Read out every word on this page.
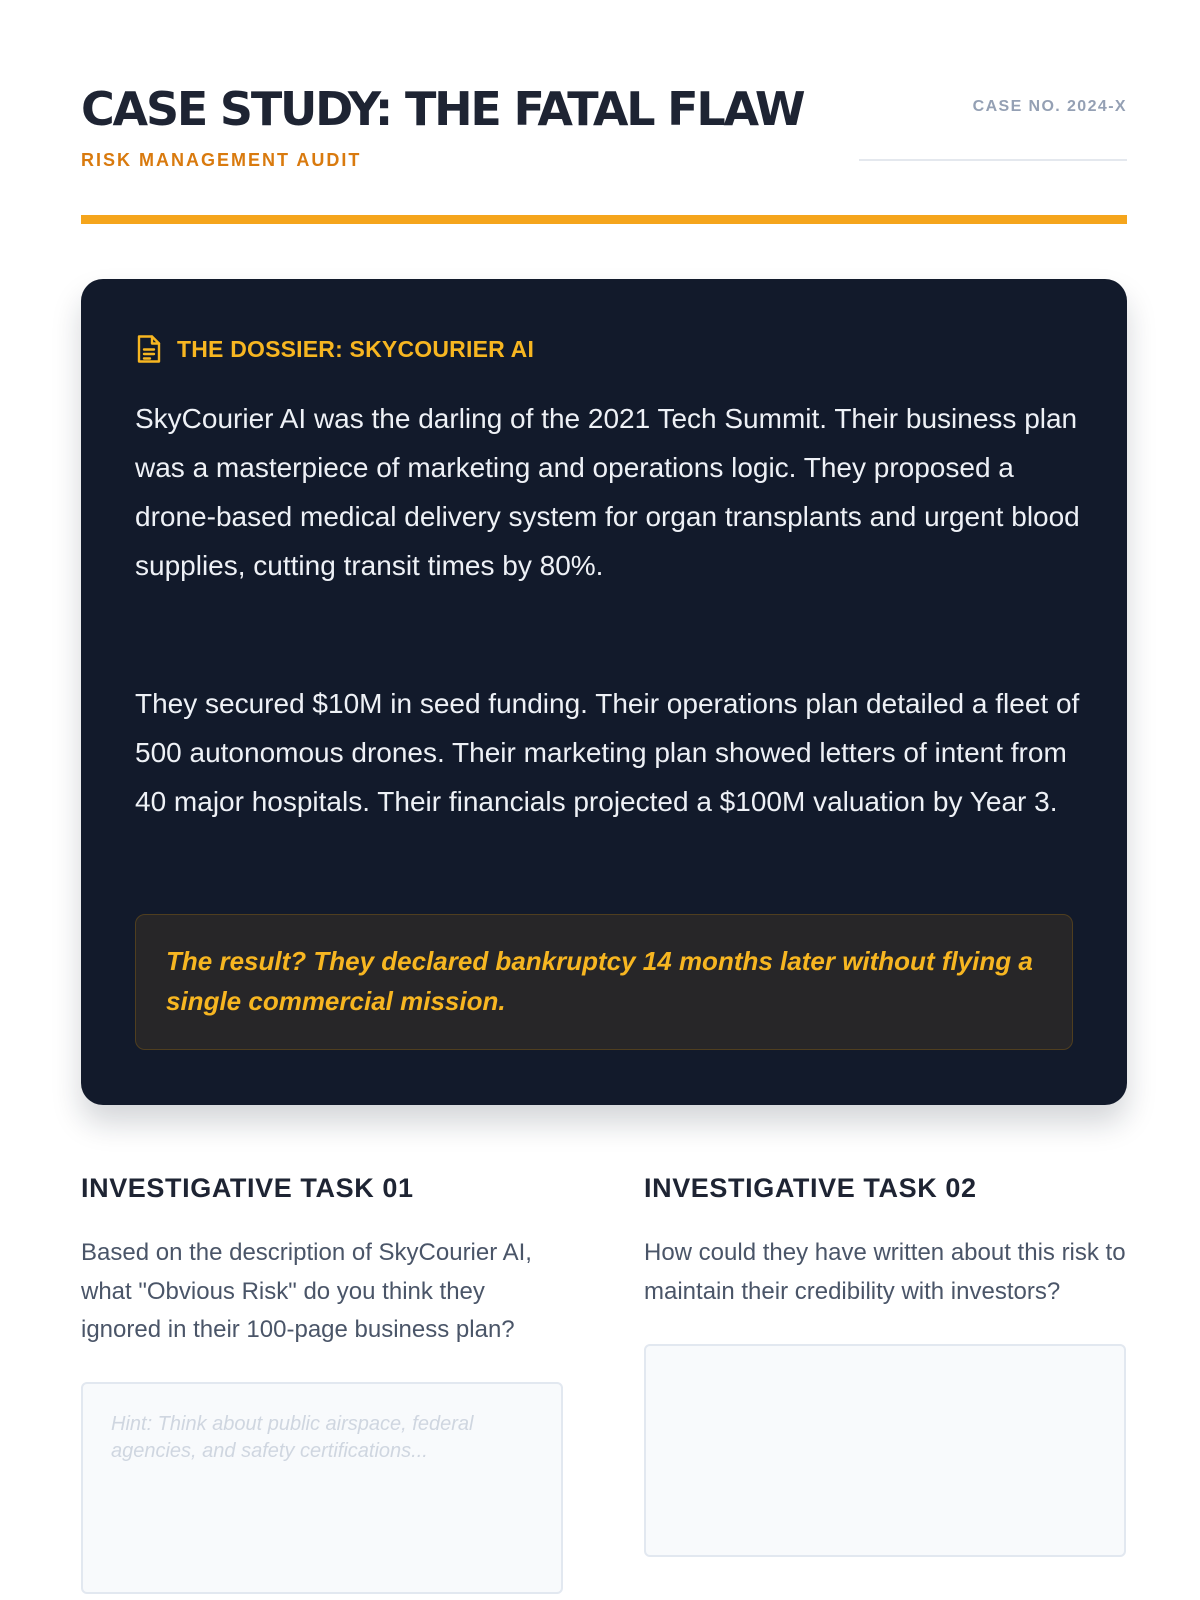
CASE STUDY: THE FATAL FLAW
RISK MANAGEMENT AUDIT
CASE NO. 2024-X
THE DOSSIER: SKYCOURIER AI

SkyCourier AI was the darling of the 2021 Tech Summit. Their business plan was a masterpiece of marketing and operations logic. They proposed a drone-based medical delivery system for organ transplants and urgent blood supplies, cutting transit times by 80%.

They secured $10M in seed funding. Their operations plan detailed a fleet of 500 autonomous drones. Their marketing plan showed letters of intent from 40 major hospitals. Their financials projected a $100M valuation by Year 3.

The result? They declared bankruptcy 14 months later without flying a single commercial mission.

INVESTIGATIVE TASK 01

Based on the description of SkyCourier AI, what "Obvious Risk" do you think they ignored in their 100-page business plan?

Hint: Think about public airspace, federal agencies, and safety certifications...
INVESTIGATIVE TASK 02

How could they have written about this risk to maintain their credibility with investors?
